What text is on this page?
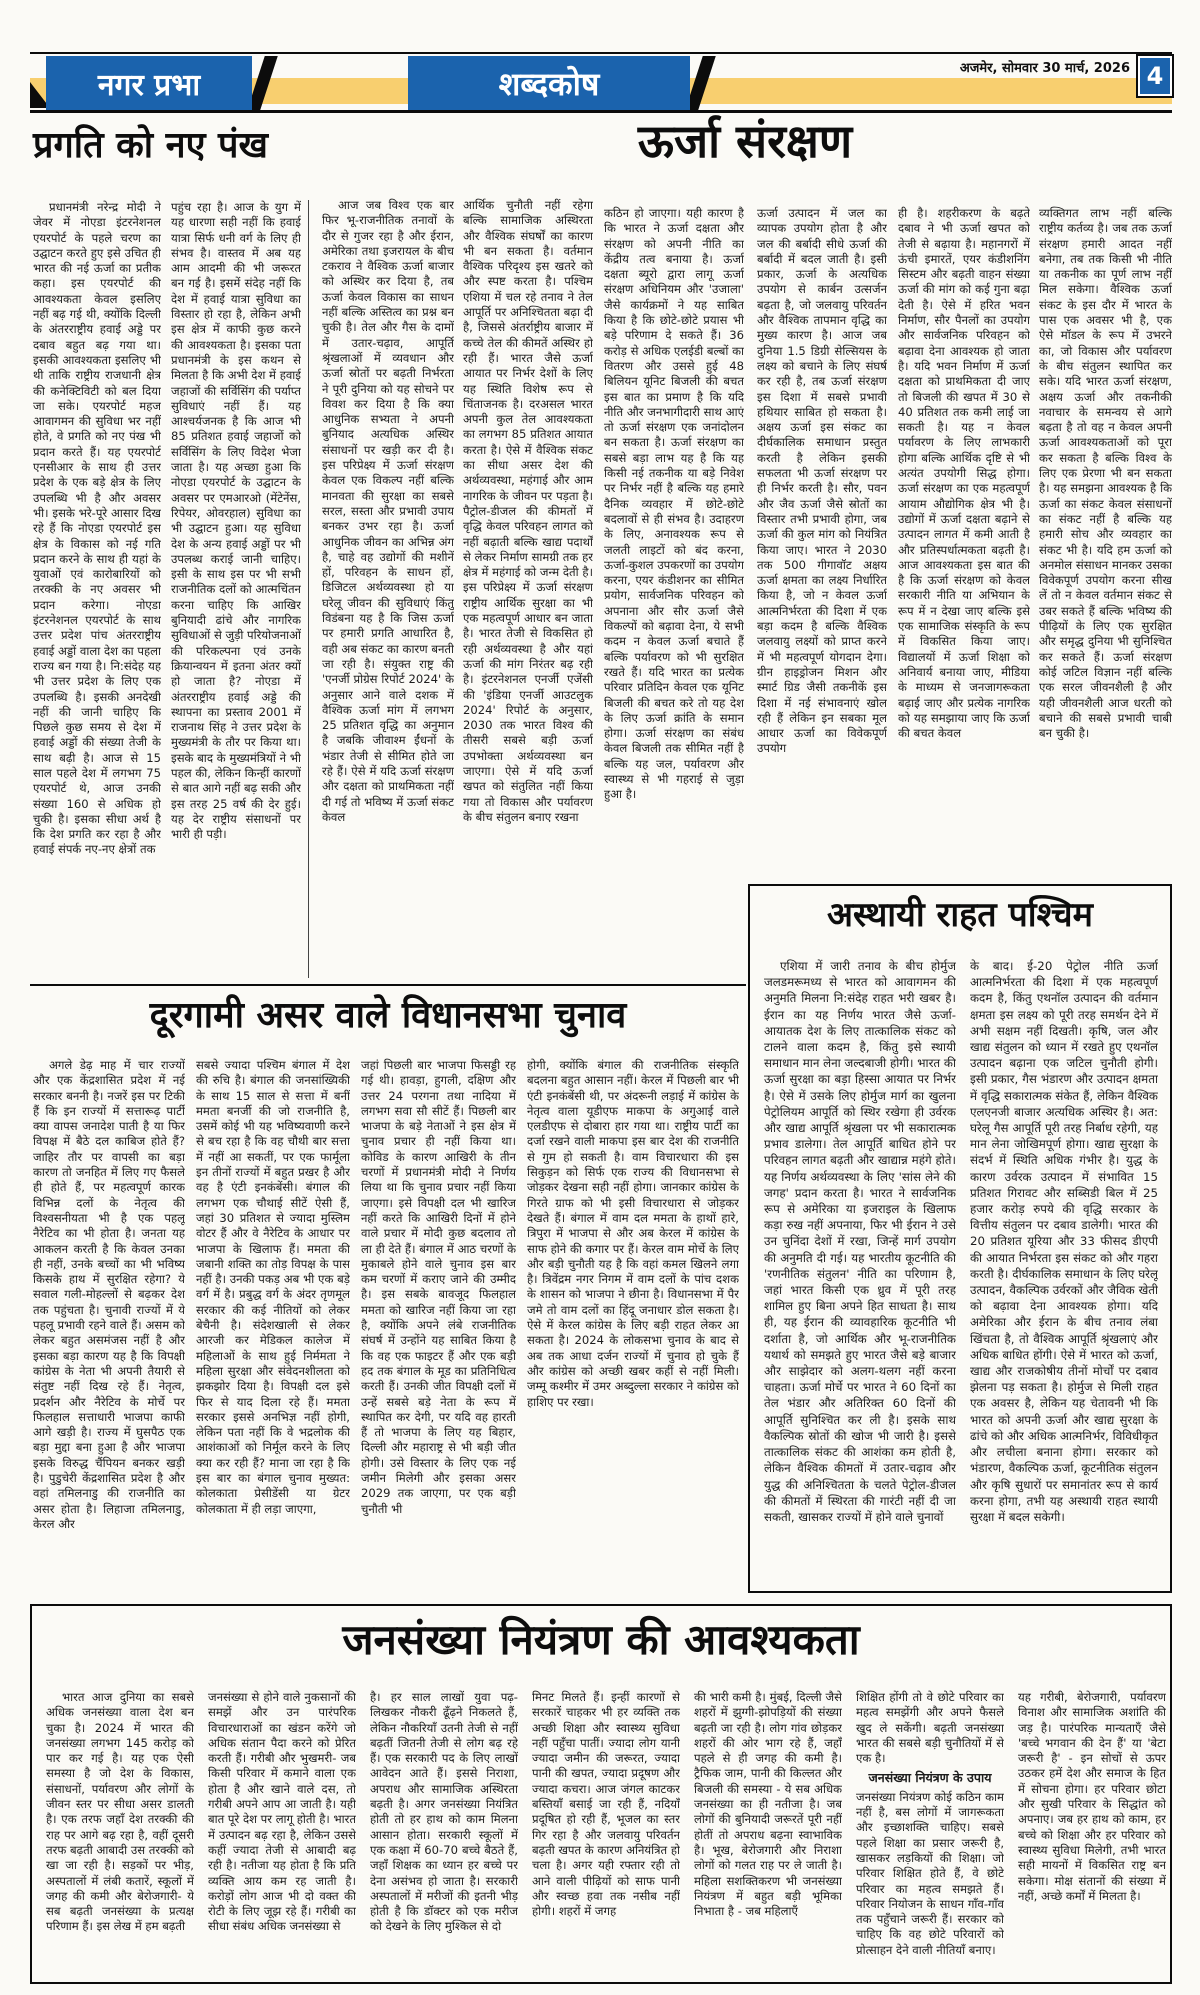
नगर प्रभा	शब्दकोष	अजमेर, सोमवार 30 मार्च, 2026 4
प्रगति को नए पंख
प्रधानमंत्री नरेन्द्र मोदी ने जेवर में नोएडा इंटरनेशनल एयरपोर्ट के पहले चरण का उद्घाटन करते हुए इसे उचित ही भारत की नई ऊर्जा का प्रतीक कहा। इस एयरपोर्ट की आवश्यकता केवल इसलिए नहीं बढ़ गई थी, क्योंकि दिल्ली के अंतरराष्ट्रीय हवाई अड्डे पर दबाव बहुत बढ़ गया था। इसकी आवश्यकता इसलिए भी थी ताकि राष्ट्रीय राजधानी क्षेत्र की कनेक्टिविटी को बल दिया जा सके। एयरपोर्ट महज आवागमन की सुविधा भर नहीं होते, वे प्रगति को नए पंख भी प्रदान करते हैं। यह एयरपोर्ट एनसीआर के साथ ही उत्तर प्रदेश के एक बड़े क्षेत्र के लिए उपलब्धि भी है और अवसर भी। इसके भरे-पूरे आसार दिख रहे हैं कि नोएडा एयरपोर्ट इस क्षेत्र के विकास को नई गति प्रदान करने के साथ ही यहां के युवाओं एवं कारोबारियों को तरक्की के नए अवसर भी प्रदान करेगा। नोएडा इंटरनेशनल एयरपोर्ट के साथ उत्तर प्रदेश पांच अंतरराष्ट्रीय हवाई अड्डों वाला देश का पहला राज्य बन गया है। नि:संदेह यह भी उत्तर प्रदेश के लिए एक उपलब्धि है। इसकी अनदेखी नहीं की जानी चाहिए कि पिछले कुछ समय से देश में हवाई अड्डों की संख्या तेजी के साथ बढ़ी है। आज से 15 साल पहले देश में लगभग 75 एयरपोर्ट थे, आज उनकी संख्या 160 से अधिक हो चुकी है। इसका सीधा अर्थ है कि देश प्रगति कर रहा है और हवाई संपर्क नए-नए क्षेत्रों तक
पहुंच रहा है। आज के युग में यह धारणा सही नहीं कि हवाई यात्रा सिर्फ धनी वर्ग के लिए ही संभव है। वास्तव में अब यह आम आदमी की भी जरूरत बन गई है। इसमें संदेह नहीं कि देश में हवाई यात्रा सुविधा का विस्तार हो रहा है, लेकिन अभी इस क्षेत्र में काफी कुछ करने की आवश्यकता है। इसका पता प्रधानमंत्री के इस कथन से मिलता है कि अभी देश में हवाई जहाजों की सर्विसिंग की पर्याप्त सुविधाएं नहीं हैं। यह आश्चर्यजनक है कि आज भी 85 प्रतिशत हवाई जहाजों को सर्विसिंग के लिए विदेश भेजा जाता है। यह अच्छा हुआ कि नोएडा एयरपोर्ट के उद्घाटन के अवसर पर एमआरओ (मेंटेनेंस, रिपेयर, ओवरहाल) सुविधा का भी उद्घाटन हुआ। यह सुविधा देश के अन्य हवाई अड्डों पर भी उपलब्ध कराई जानी चाहिए। इसी के साथ इस पर भी सभी राजनीतिक दलों को आत्मचिंतन करना चाहिए कि आखिर बुनियादी ढांचे और नागरिक सुविधाओं से जुड़ी परियोजनाओं की परिकल्पना एवं उनके क्रियान्वयन में इतना अंतर क्यों हो जाता है? नोएडा में अंतरराष्ट्रीय हवाई अड्डे की स्थापना का प्रस्ताव 2001 में राजनाथ सिंह ने उत्तर प्रदेश के मुख्यमंत्री के तौर पर किया था। इसके बाद के मुख्यमंत्रियों ने भी पहल की, लेकिन किन्हीं कारणों से बात आगे नहीं बढ़ सकी और इस तरह 25 वर्ष की देर हुई। यह देर राष्ट्रीय संसाधनों पर भारी ही पड़ी।
ऊर्जा संरक्षण
आज जब विश्व एक बार फिर भू-राजनीतिक तनावों के दौर से गुजर रहा है और ईरान, अमेरिका तथा इजरायल के बीच टकराव ने वैश्विक ऊर्जा बाजार को अस्थिर कर दिया है, तब ऊर्जा केवल विकास का साधन नहीं बल्कि अस्तित्व का प्रश्न बन चुकी है। तेल और गैस के दामों में उतार-चढ़ाव, आपूर्ति श्रृंखलाओं में व्यवधान और ऊर्जा स्रोतों पर बढ़ती निर्भरता ने पूरी दुनिया को यह सोचने पर विवश कर दिया है कि क्या आधुनिक सभ्यता ने अपनी बुनियाद अत्यधिक अस्थिर संसाधनों पर खड़ी कर दी है। इस परिप्रेक्ष्य में ऊर्जा संरक्षण केवल एक विकल्प नहीं बल्कि मानवता की सुरक्षा का सबसे सरल, सस्ता और प्रभावी उपाय बनकर उभर रहा है। ऊर्जा आधुनिक जीवन का अभिन्न अंग है, चाहे वह उद्योगों की मशीनें हों, परिवहन के साधन हों, डिजिटल अर्थव्यवस्था हो या घरेलू जीवन की सुविधाएं किंतु विडंबना यह है कि जिस ऊर्जा पर हमारी प्रगति आधारित है, वही अब संकट का कारण बनती जा रही है। संयुक्त राष्ट्र की 'एनर्जी प्रोग्रेस रिपोर्ट 2024' के अनुसार आने वाले दशक में वैश्विक ऊर्जा मांग में लगभग 25 प्रतिशत वृद्धि का अनुमान है जबकि जीवाश्म ईंधनों के भंडार तेजी से सीमित होते जा रहे हैं। ऐसे में यदि ऊर्जा संरक्षण और दक्षता को प्राथमिकता नहीं दी गई तो भविष्य में ऊर्जा संकट केवल
आर्थिक चुनौती नहीं रहेगा बल्कि सामाजिक अस्थिरता और वैश्विक संघर्षों का कारण भी बन सकता है। वर्तमान वैश्विक परिदृश्य इस खतरे को और स्पष्ट करता है। पश्चिम एशिया में चल रहे तनाव ने तेल आपूर्ति पर अनिश्चितता बढ़ा दी है, जिससे अंतर्राष्ट्रीय बाजार में कच्चे तेल की कीमतें अस्थिर हो रही हैं। भारत जैसे ऊर्जा आयात पर निर्भर देशों के लिए यह स्थिति विशेष रूप से चिंताजनक है। दरअसल भारत अपनी कुल तेल आवश्यकता का लगभग 85 प्रतिशत आयात करता है। ऐसे में वैश्विक संकट का सीधा असर देश की अर्थव्यवस्था, महंगाई और आम नागरिक के जीवन पर पड़ता है। पैट्रोल-डीजल की कीमतों में वृद्धि केवल परिवहन लागत को नहीं बढ़ाती बल्कि खाद्य पदार्थों से लेकर निर्माण सामग्री तक हर क्षेत्र में महंगाई को जन्म देती है। इस परिप्रेक्ष्य में ऊर्जा संरक्षण राष्ट्रीय आर्थिक सुरक्षा का भी एक महत्वपूर्ण आधार बन जाता है। भारत तेजी से विकसित हो रही अर्थव्यवस्था है और यहां ऊर्जा की मांग निरंतर बढ़ रही है। इंटरनेशनल एनर्जी एजेंसी की 'इंडिया एनर्जी आउटलुक 2024' रिपोर्ट के अनुसार, 2030 तक भारत विश्व की तीसरी सबसे बड़ी ऊर्जा उपभोक्ता अर्थव्यवस्था बन जाएगा। ऐसे में यदि ऊर्जा खपत को संतुलित नहीं किया गया तो विकास और पर्यावरण के बीच संतुलन बनाए रखना
कठिन हो जाएगा। यही कारण है कि भारत ने ऊर्जा दक्षता और संरक्षण को अपनी नीति का केंद्रीय तत्व बनाया है। ऊर्जा दक्षता ब्यूरो द्वारा लागू ऊर्जा संरक्षण अधिनियम और 'उजाला' जैसे कार्यक्रमों ने यह साबित किया है कि छोटे-छोटे प्रयास भी बड़े परिणाम दे सकते हैं। 36 करोड़ से अधिक एलईडी बल्बों का वितरण और उससे हुई 48 बिलियन यूनिट बिजली की बचत इस बात का प्रमाण है कि यदि नीति और जनभागीदारी साथ आएं तो ऊर्जा संरक्षण एक जनांदोलन बन सकता है। ऊर्जा संरक्षण का सबसे बड़ा लाभ यह है कि यह किसी नई तकनीक या बड़े निवेश पर निर्भर नहीं है बल्कि यह हमारे दैनिक व्यवहार में छोटे-छोटे बदलावों से ही संभव है। उदाहरण के लिए, अनावश्यक रूप से जलती लाइटों को बंद करना, ऊर्जा-कुशल उपकरणों का उपयोग करना, एयर कंडीशनर का सीमित प्रयोग, सार्वजनिक परिवहन को अपनाना और सौर ऊर्जा जैसे विकल्पों को बढ़ावा देना, ये सभी कदम न केवल ऊर्जा बचाते हैं बल्कि पर्यावरण को भी सुरक्षित रखते हैं। यदि भारत का प्रत्येक परिवार प्रतिदिन केवल एक यूनिट बिजली की बचत करे तो यह देश के लिए ऊर्जा क्रांति के समान होगा। ऊर्जा संरक्षण का संबंध केवल बिजली तक सीमित नहीं है बल्कि यह जल, पर्यावरण और स्वास्थ्य से भी गहराई से जुड़ा हुआ है।
ऊर्जा उत्पादन में जल का व्यापक उपयोग होता है और जल की बर्बादी सीधे ऊर्जा की बर्बादी में बदल जाती है। इसी प्रकार, ऊर्जा के अत्यधिक उपयोग से कार्बन उत्सर्जन बढ़ता है, जो जलवायु परिवर्तन और वैश्विक तापमान वृद्धि का मुख्य कारण है। आज जब दुनिया 1.5 डिग्री सेल्सियस के लक्ष्य को बचाने के लिए संघर्ष कर रही है, तब ऊर्जा संरक्षण इस दिशा में सबसे प्रभावी हथियार साबित हो सकता है। अक्षय ऊर्जा इस संकट का दीर्घकालिक समाधान प्रस्तुत करती है लेकिन इसकी सफलता भी ऊर्जा संरक्षण पर ही निर्भर करती है। सौर, पवन और जैव ऊर्जा जैसे स्रोतों का विस्तार तभी प्रभावी होगा, जब ऊर्जा की कुल मांग को नियंत्रित किया जाए। भारत ने 2030 तक 500 गीगावॉट अक्षय ऊर्जा क्षमता का लक्ष्य निर्धारित किया है, जो न केवल ऊर्जा आत्मनिर्भरता की दिशा में एक बड़ा कदम है बल्कि वैश्विक जलवायु लक्ष्यों को प्राप्त करने में भी महत्वपूर्ण योगदान देगा। ग्रीन हाइड्रोजन मिशन और स्मार्ट ग्रिड जैसी तकनीकें इस दिशा में नई संभावनाएं खोल रही हैं लेकिन इन सबका मूल आधार ऊर्जा का विवेकपूर्ण उपयोग
ही है। शहरीकरण के बढ़ते दबाव ने भी ऊर्जा खपत को तेजी से बढ़ाया है। महानगरों में ऊंची इमारतें, एयर कंडीशनिंग सिस्टम और बढ़ती वाहन संख्या ऊर्जा की मांग को कई गुना बढ़ा देती है। ऐसे में हरित भवन निर्माण, सौर पैनलों का उपयोग और सार्वजनिक परिवहन को बढ़ावा देना आवश्यक हो जाता है। यदि भवन निर्माण में ऊर्जा दक्षता को प्राथमिकता दी जाए तो बिजली की खपत में 30 से 40 प्रतिशत तक कमी लाई जा सकती है। यह न केवल पर्यावरण के लिए लाभकारी होगा बल्कि आर्थिक दृष्टि से भी अत्यंत उपयोगी सिद्ध होगा। ऊर्जा संरक्षण का एक महत्वपूर्ण आयाम औद्योगिक क्षेत्र भी है। उद्योगों में ऊर्जा दक्षता बढ़ाने से उत्पादन लागत में कमी आती है और प्रतिस्पर्धात्मकता बढ़ती है। आज आवश्यकता इस बात की है कि ऊर्जा संरक्षण को केवल सरकारी नीति या अभियान के रूप में न देखा जाए बल्कि इसे एक सामाजिक संस्कृति के रूप में विकसित किया जाए। विद्यालयों में ऊर्जा शिक्षा को अनिवार्य बनाया जाए, मीडिया के माध्यम से जनजागरूकता बढ़ाई जाए और प्रत्येक नागरिक को यह समझाया जाए कि ऊर्जा की बचत केवल
व्यक्तिगत लाभ नहीं बल्कि राष्ट्रीय कर्तव्य है। जब तक ऊर्जा संरक्षण हमारी आदत नहीं बनेगा, तब तक किसी भी नीति या तकनीक का पूर्ण लाभ नहीं मिल सकेगा। वैश्विक ऊर्जा संकट के इस दौर में भारत के पास एक अवसर भी है, एक ऐसे मॉडल के रूप में उभरने का, जो विकास और पर्यावरण के बीच संतुलन स्थापित कर सके। यदि भारत ऊर्जा संरक्षण, अक्षय ऊर्जा और तकनीकी नवाचार के समन्वय से आगे बढ़ता है तो वह न केवल अपनी ऊर्जा आवश्यकताओं को पूरा कर सकता है बल्कि विश्व के लिए एक प्रेरणा भी बन सकता है। यह समझना आवश्यक है कि ऊर्जा का संकट केवल संसाधनों का संकट नहीं है बल्कि यह हमारी सोच और व्यवहार का संकट भी है। यदि हम ऊर्जा को अनमोल संसाधन मानकर उसका विवेकपूर्ण उपयोग करना सीख लें तो न केवल वर्तमान संकट से उबर सकते हैं बल्कि भविष्य की पीढ़ियों के लिए एक सुरक्षित और समृद्ध दुनिया भी सुनिश्चित कर सकते हैं। ऊर्जा संरक्षण कोई जटिल विज्ञान नहीं बल्कि एक सरल जीवनशैली है और यही जीवनशैली आज धरती को बचाने की सबसे प्रभावी चाबी बन चुकी है।
दूरगामी असर वाले विधानसभा चुनाव
अगले डेढ़ माह में चार राज्यों और एक केंद्रशासित प्रदेश में नई सरकार बननी है। नजरें इस पर टिकी हैं कि इन राज्यों में सत्तारूढ़ पार्टी क्या वापस जनादेश पाती है या फिर विपक्ष में बैठे दल काबिज होते हैं? जाहिर तौर पर वापसी का बड़ा कारण तो जनहित में लिए गए फैसले ही होते हैं, पर महत्वपूर्ण कारक विभिन्न दलों के नेतृत्व की विश्वसनीयता भी है एक पहलू नैरेटिव का भी होता है। जनता यह आकलन करती है कि केवल उनका ही नहीं, उनके बच्चों का भी भविष्य किसके हाथ में सुरक्षित रहेगा? ये सवाल गली-मोहल्लों से बढ़कर देश तक पहुंचता है। चुनावी राज्यों में ये पहलू प्रभावी रहने वाले हैं। असम को लेकर बहुत असमंजस नहीं है और इसका बड़ा कारण यह है कि विपक्षी कांग्रेस के नेता भी अपनी तैयारी से संतुष्ट नहीं दिख रहे हैं। नेतृत्व, प्रदर्शन और नैरेटिव के मोर्चे पर फिलहाल सत्ताधारी भाजपा काफी आगे खड़ी है। राज्य में घुसपैठ एक बड़ा मुद्दा बना हुआ है और भाजपा इसके विरुद्ध चैंपियन बनकर खड़ी है। पुडुचेरी केंद्रशासित प्रदेश है और वहां तमिलनाडु की राजनीति का असर होता है। लिहाजा तमिलनाडु, केरल और
सबसे ज्यादा पश्चिम बंगाल में देश की रुचि है। बंगाल की जनसांख्यिकी के साथ 15 साल से सत्ता में बनीं ममता बनर्जी की जो राजनीति है, उसमें कोई भी यह भविष्यवाणी करने से बच रहा है कि वह चौथी बार सत्ता में नहीं आ सकतीं, पर एक फार्मूला इन तीनों राज्यों में बहुत प्रखर है और वह है एंटी इनकंबेंसी। बंगाल की लगभग एक चौथाई सीटें ऐसी हैं, जहां 30 प्रतिशत से ज्यादा मुस्लिम वोटर हैं और वे नैरेटिव के आधार पर भाजपा के खिलाफ हैं। ममता की जबानी शक्ति का तोड़ विपक्ष के पास नहीं है। उनकी पकड़ अब भी एक बड़े वर्ग में है। प्रबुद्ध वर्ग के अंदर तृणमूल सरकार की कई नीतियों को लेकर बेचैनी है। संदेशखाली से लेकर आरजी कर मेडिकल कालेज में महिलाओं के साथ हुई निर्ममता ने महिला सुरक्षा और संवेदनशीलता को झकझोर दिया है। विपक्षी दल इसे फिर से याद दिला रहे हैं। ममता सरकार इससे अनभिज्ञ नहीं होगी, लेकिन पता नहीं कि वे भद्रलोक की आशंकाओं को निर्मूल करने के लिए क्या कर रही हैं? माना जा रहा है कि इस बार का बंगाल चुनाव मुख्यत: कोलकाता प्रेसीडेंसी या ग्रेटर कोलकाता में ही लड़ा जाएगा,
जहां पिछली बार भाजपा फिसड्डी रह गई थी। हावड़ा, हुगली, दक्षिण और उत्तर 24 परगना तथा नादिया में लगभग सवा सौ सीटें हैं। पिछली बार भाजपा के बड़े नेताओं ने इस क्षेत्र में चुनाव प्रचार ही नहीं किया था। कोविड के कारण आखिरी के तीन चरणों में प्रधानमंत्री मोदी ने निर्णय लिया था कि चुनाव प्रचार नहीं किया जाएगा। इसे विपक्षी दल भी खारिज नहीं करते कि आखिरी दिनों में होने वाले प्रचार में मोदी कुछ बदलाव तो ला ही देते हैं। बंगाल में आठ चरणों के मुकाबले होने वाले चुनाव इस बार कम चरणों में कराए जाने की उम्मीद है। इस सबके बावजूद फिलहाल ममता को खारिज नहीं किया जा रहा है, क्योंकि अपने लंबे राजनीतिक संघर्ष में उन्होंने यह साबित किया है कि वह एक फाइटर हैं और एक बड़ी हद तक बंगाल के मूड का प्रतिनिधित्व करती हैं। उनकी जीत विपक्षी दलों में उन्हें सबसे बड़े नेता के रूप में स्थापित कर देगी, पर यदि वह हारती हैं तो भाजपा के लिए यह बिहार, दिल्ली और महाराष्ट्र से भी बड़ी जीत होगी। उसे विस्तार के लिए एक नई जमीन मिलेगी और इसका असर 2029 तक जाएगा, पर एक बड़ी चुनौती भी
होगी, क्योंकि बंगाल की राजनीतिक संस्कृति बदलना बहुत आसान नहीं। केरल में पिछली बार भी एंटी इनकंबेंसी थी, पर अंदरूनी लड़ाई में कांग्रेस के नेतृत्व वाला यूडीएफ माकपा के अगुआई वाले एलडीएफ से दोबारा हार गया था। राष्ट्रीय पार्टी का दर्जा रखने वाली माकपा इस बार देश की राजनीति से गुम हो सकती है। वाम विचारधारा की इस सिकुड़न को सिर्फ एक राज्य की विधानसभा से जोड़कर देखना सही नहीं होगा। जानकार कांग्रेस के गिरते ग्राफ को भी इसी विचारधारा से जोड़कर देखते हैं। बंगाल में वाम दल ममता के हाथों हारे, त्रिपुरा में भाजपा से और अब केरल में कांग्रेस के साफ होने की कगार पर हैं। केरल वाम मोर्चे के लिए और बड़ी चुनौती यह है कि वहां कमल खिलने लगा है। त्रिवेंद्रम नगर निगम में वाम दलों के पांच दशक के शासन को भाजपा ने छीना है। विधानसभा में पैर जमे तो वाम दलों का हिंदू जनाधार डोल सकता है। ऐसे में केरल कांग्रेस के लिए बड़ी राहत लेकर आ सकता है। 2024 के लोकसभा चुनाव के बाद से अब तक आधा दर्जन राज्यों में चुनाव हो चुके हैं और कांग्रेस को अच्छी खबर कहीं से नहीं मिली। जम्मू कश्मीर में उमर अब्दुल्ला सरकार ने कांग्रेस को हाशिए पर रखा।
अस्थायी राहत पश्चिम
एशिया में जारी तनाव के बीच होर्मुज जलडमरूमध्य से भारत को आवागमन की अनुमति मिलना नि:संदेह राहत भरी खबर है। ईरान का यह निर्णय भारत जैसे ऊर्जा-आयातक देश के लिए तात्कालिक संकट को टालने वाला कदम है, किंतु इसे स्थायी समाधान मान लेना जल्दबाजी होगी। भारत की ऊर्जा सुरक्षा का बड़ा हिस्सा आयात पर निर्भर है। ऐसे में उसके लिए होर्मुज मार्ग का खुलना पेट्रोलियम आपूर्ति को स्थिर रखेगा ही उर्वरक और खाद्य आपूर्ति श्रृंखला पर भी सकारात्मक प्रभाव डालेगा। तेल आपूर्ति बाधित होने पर परिवहन लागत बढ़ती और खाद्यान्न महंगे होते। यह निर्णय अर्थव्यवस्था के लिए 'सांस लेने की जगह' प्रदान करता है। भारत ने सार्वजनिक रूप से अमेरिका या इजराइल के खिलाफ कड़ा रुख नहीं अपनाया, फिर भी ईरान ने उसे उन चुनिंदा देशों में रखा, जिन्हें मार्ग उपयोग की अनुमति दी गई। यह भारतीय कूटनीति की 'रणनीतिक संतुलन' नीति का परिणाम है, जहां भारत किसी एक ध्रुव में पूरी तरह शामिल हुए बिना अपने हित साधता है। साथ ही, यह ईरान की व्यावहारिक कूटनीति भी दर्शाता है, जो आर्थिक और भू-राजनीतिक यथार्थ को समझते हुए भारत जैसे बड़े बाजार और साझेदार को अलग-थलग नहीं करना चाहता। ऊर्जा मोर्चे पर भारत ने 60 दिनों का तेल भंडार और अतिरिक्त 60 दिनों की आपूर्ति सुनिश्चित कर ली है। इसके साथ वैकल्पिक स्रोतों की खोज भी जारी है। इससे तात्कालिक संकट की आशंका कम होती है, लेकिन वैश्विक कीमतों में उतार-चढ़ाव और युद्ध की अनिश्चितता के चलते पेट्रोल-डीजल की कीमतों में स्थिरता की गारंटी नहीं दी जा सकती, खासकर राज्यों में होने वाले चुनावों
के बाद। ई-20 पेट्रोल नीति ऊर्जा आत्मनिर्भरता की दिशा में एक महत्वपूर्ण कदम है, किंतु एथनॉल उत्पादन की वर्तमान क्षमता इस लक्ष्य को पूरी तरह समर्थन देने में अभी सक्षम नहीं दिखती। कृषि, जल और खाद्य संतुलन को ध्यान में रखते हुए एथनॉल उत्पादन बढ़ाना एक जटिल चुनौती होगी। इसी प्रकार, गैस भंडारण और उत्पादन क्षमता में वृद्धि सकारात्मक संकेत हैं, लेकिन वैश्विक एलएनजी बाजार अत्यधिक अस्थिर है। अत: घरेलू गैस आपूर्ति पूरी तरह निर्बाध रहेगी, यह मान लेना जोखिमपूर्ण होगा। खाद्य सुरक्षा के संदर्भ में स्थिति अधिक गंभीर है। युद्ध के कारण उर्वरक उत्पादन में संभावित 15 प्रतिशत गिरावट और सब्सिडी बिल में 25 हजार करोड़ रुपये की वृद्धि सरकार के वित्तीय संतुलन पर दबाव डालेगी। भारत की 20 प्रतिशत यूरिया और 33 फीसद डीएपी की आयात निर्भरता इस संकट को और गहरा करती है। दीर्घकालिक समाधान के लिए घरेलू उत्पादन, वैकल्पिक उर्वरकों और जैविक खेती को बढ़ावा देना आवश्यक होगा। यदि अमेरिका और ईरान के बीच तनाव लंबा खिंचता है, तो वैश्विक आपूर्ति श्रृंखलाएं और अधिक बाधित होंगी। ऐसे में भारत को ऊर्जा, खाद्य और राजकोषीय तीनों मोर्चों पर दबाव झेलना पड़ सकता है। होर्मुज से मिली राहत एक अवसर है, लेकिन यह चेतावनी भी कि भारत को अपनी ऊर्जा और खाद्य सुरक्षा के ढांचे को और अधिक आत्मनिर्भर, विविधीकृत और लचीला बनाना होगा। सरकार को भंडारण, वैकल्पिक ऊर्जा, कूटनीतिक संतुलन और कृषि सुधारों पर समानांतर रूप से कार्य करना होगा, तभी यह अस्थायी राहत स्थायी सुरक्षा में बदल सकेगी।
जनसंख्या नियंत्रण की आवश्यकता
भारत आज दुनिया का सबसे अधिक जनसंख्या वाला देश बन चुका है। 2024 में भारत की जनसंख्या लगभग 145 करोड़ को पार कर गई है। यह एक ऐसी समस्या है जो देश के विकास, संसाधनों, पर्यावरण और लोगों के जीवन स्तर पर सीधा असर डालती है। एक तरफ जहाँ देश तरक्की की राह पर आगे बढ़ रहा है, वहीं दूसरी तरफ बढ़ती आबादी उस तरक्की को खा जा रही है। सड़कों पर भीड़, अस्पतालों में लंबी कतारें, स्कूलों में जगह की कमी और बेरोजगारी- ये सब बढ़ती जनसंख्या के प्रत्यक्ष परिणाम हैं। इस लेख में हम बढ़ती
जनसंख्या से होने वाले नुकसानों की समझें और उन पारंपरिक विचारधाराओं का खंडन करेंगे जो अधिक संतान पैदा करने को प्रेरित करती हैं। गरीबी और भुखमरी- जब किसी परिवार में कमाने वाला एक होता है और खाने वाले दस, तो गरीबी अपने आप आ जाती है। यही बात पूरे देश पर लागू होती है। भारत में उत्पादन बढ़ रहा है, लेकिन उससे कहीं ज्यादा तेजी से आबादी बढ़ रही है। नतीजा यह होता है कि प्रति व्यक्ति आय कम रह जाती है। करोड़ों लोग आज भी दो वक्त की रोटी के लिए जूझ रहे हैं। गरीबी का सीधा संबंध अधिक जनसंख्या से
है। हर साल लाखों युवा पढ़-लिखकर नौकरी ढूँढ़ने निकलते हैं, लेकिन नौकरियाँ उतनी तेजी से नहीं बढ़तीं जितनी तेजी से लोग बढ़ रहे हैं। एक सरकारी पद के लिए लाखों आवेदन आते हैं। इससे निराशा, अपराध और सामाजिक अस्थिरता बढ़ती है। अगर जनसंख्या नियंत्रित होती तो हर हाथ को काम मिलना आसान होता। सरकारी स्कूलों में एक कक्षा में 60-70 बच्चे बैठते हैं, जहाँ शिक्षक का ध्यान हर बच्चे पर देना असंभव हो जाता है। सरकारी अस्पतालों में मरीजों की इतनी भीड़ होती है कि डॉक्टर को एक मरीज को देखने के लिए मुश्किल से दो
मिनट मिलते हैं। इन्हीं कारणों से सरकारें चाहकर भी हर व्यक्ति तक अच्छी शिक्षा और स्वास्थ्य सुविधा नहीं पहुँचा पातीं। ज्यादा लोग यानी ज्यादा जमीन की जरूरत, ज्यादा पानी की खपत, ज्यादा प्रदूषण और ज्यादा कचरा। आज जंगल काटकर बस्तियाँ बसाई जा रही हैं, नदियाँ प्रदूषित हो रही हैं, भूजल का स्तर गिर रहा है और जलवायु परिवर्तन बढ़ती खपत के कारण अनियंत्रित हो चला है। अगर यही रफ्तार रही तो आने वाली पीढ़ियों को साफ पानी और स्वच्छ हवा तक नसीब नहीं होगी। शहरों में जगह
की भारी कमी है। मुंबई, दिल्ली जैसे शहरों में झुग्गी-झोपड़ियों की संख्या बढ़ती जा रही है। लोग गांव छोड़कर शहरों की ओर भाग रहे हैं, जहाँ पहले से ही जगह की कमी है। ट्रैफिक जाम, पानी की किल्लत और बिजली की समस्या - ये सब अधिक जनसंख्या का ही नतीजा है। जब लोगों की बुनियादी जरूरतें पूरी नहीं होतीं तो अपराध बढ़ना स्वाभाविक है। भूख, बेरोजगारी और निराशा लोगों को गलत राह पर ले जाती है। महिला सशक्तिकरण भी जनसंख्या नियंत्रण में बहुत बड़ी भूमिका निभाता है - जब महिलाएँ
शिक्षित होंगी तो वे छोटे परिवार का महत्व समझेंगी और अपने फैसले खुद ले सकेंगी। बढ़ती जनसंख्या भारत की सबसे बड़ी चुनौतियों में से एक है।
जनसंख्या नियंत्रण के उपाय
जनसंख्या नियंत्रण कोई कठिन काम नहीं है, बस लोगों में जागरूकता और इच्छाशक्ति चाहिए। सबसे पहले शिक्षा का प्रसार जरूरी है, खासकर लड़कियों की शिक्षा। जो परिवार शिक्षित होते हैं, वे छोटे परिवार का महत्व समझते हैं। परिवार नियोजन के साधन गाँव-गाँव तक पहुँचाने जरूरी हैं। सरकार को चाहिए कि वह छोटे परिवारों को प्रोत्साहन देने वाली नीतियाँ बनाए।
यह गरीबी, बेरोजगारी, पर्यावरण विनाश और सामाजिक अशांति की जड़ है। पारंपरिक मान्यताएँ जैसे 'बच्चे भगवान की देन हैं' या 'बेटा जरूरी है' - इन सोचों से ऊपर उठकर हमें देश और समाज के हित में सोचना होगा। हर परिवार छोटा और सुखी परिवार के सिद्धांत को अपनाए। जब हर हाथ को काम, हर बच्चे को शिक्षा और हर परिवार को स्वास्थ्य सुविधा मिलेगी, तभी भारत सही मायनों में विकसित राष्ट्र बन सकेगा। मोक्ष संतानों की संख्या में नहीं, अच्छे कर्मों में मिलता है।
